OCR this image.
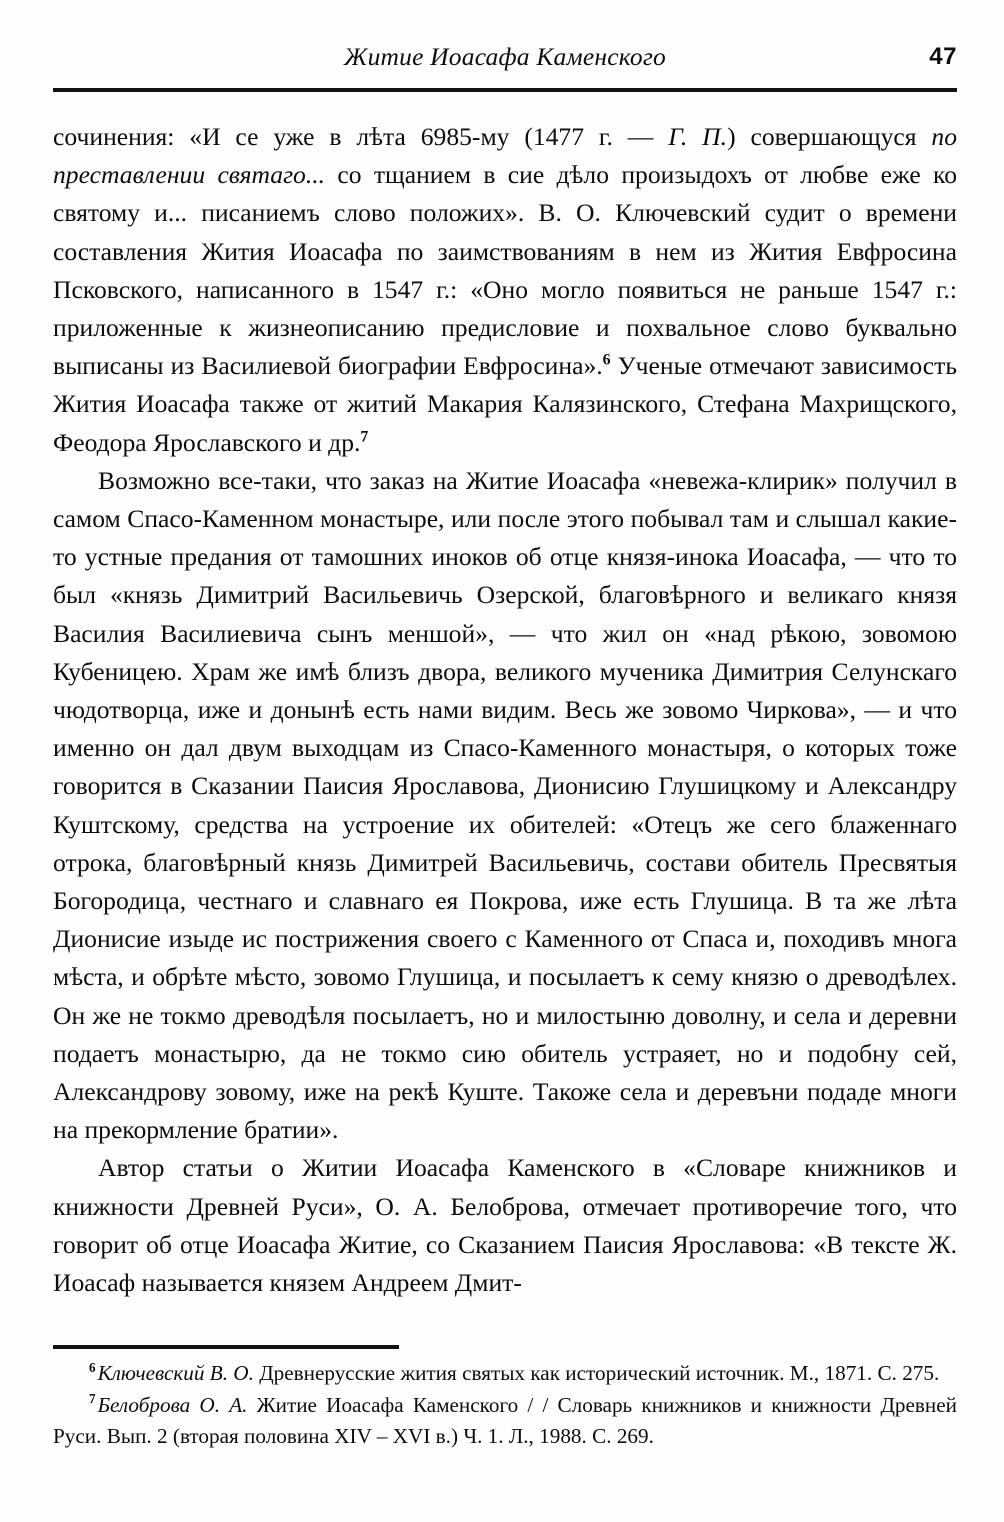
Житие Иоасафа Каменского	47

сочинения: «И се уже в лѣта 6985-му (1477 г. — Г. П.) совершающуся по преставлении святаго... со тщанием в сие дѣло произыдохъ от любве еже ко святому и... писаниемъ слово положих». В. О. Ключевский судит о времени составления Жития Иоасафа по заимствованиям в нем из Жития Евфросина Псковского, написанного в 1547 г.: «Оно могло появиться не раньше 1547 г.: приложенные к жизнеописанию предисловие и похвальное слово буквально выписаны из Василиевой биографии Евфросина».$^6$ Ученые отмечают зависимость Жития Иоасафа также от житий Макария Калязинского, Стефана Махрищского, Феодора Ярославского и др.$^7$

Возможно все-таки, что заказ на Житие Иоасафа «невежа-клирик» получил в самом Спасо-Каменном монастыре, или после этого побывал там и слышал какие-то устные предания от тамошних иноков об отце князя-инока Иоасафа, — что то был «князь Димитрий Васильевичь Озерской, благовѣрного и великаго князя Василия Василиевича сынъ меншой», — что жил он «над рѣкою, зовомою Кубеницею. Храм же имѣ близъ двора, великого мученика Димитрия Селунскаго чюдотворца, иже и донынѣ есть нами видим. Весь же зовомо Чиркова», — и что именно он дал двум выходцам из Спасо-Каменного монастыря, о которых тоже говорится в Сказании Паисия Ярославова, Дионисию Глушицкому и Александру Куштскому, средства на устроение их обителей: «Отецъ же сего блаженнаго отрока, благовѣрный князь Димитрей Васильевичь, состави обитель Пресвятыя Богородица, честнаго и славнаго ея Покрова, иже есть Глушица. В та же лѣта Дионисие изыде ис пострижения своего с Каменного от Спаса и, походивъ многа мѣста, и обрѣте мѣсто, зовомо Глушица, и посылаетъ к сему князю о древодѣлех. Он же не токмо древодѣля посылаетъ, но и милостыню доволну, и села и деревни подаетъ монастырю, да не токмо сию обитель устраяет, но и подобну сей, Александрову зовому, иже на рекѣ Куште. Такоже села и деревъни подаде многи на прекормление братии».

Автор статьи о Житии Иоасафа Каменского в «Словаре книжников и книжности Древней Руси», О. А. Белоброва, отмечает противоречие того, что говорит об отце Иоасафа Житие, со Сказанием Паисия Ярославова: «В тексте Ж. Иоасаф называется князем Андреем Дмит-

$^6$Ключевский В. О. Древнерусские жития святых как исторический источник. М., 1871. С. 275.

$^7$Белоброва О. А. Житие Иоасафа Каменского / / Словарь книжников и книжности Древней Руси. Вып. 2 (вторая половина XIV – XVI в.) Ч. 1. Л., 1988. С. 269.
